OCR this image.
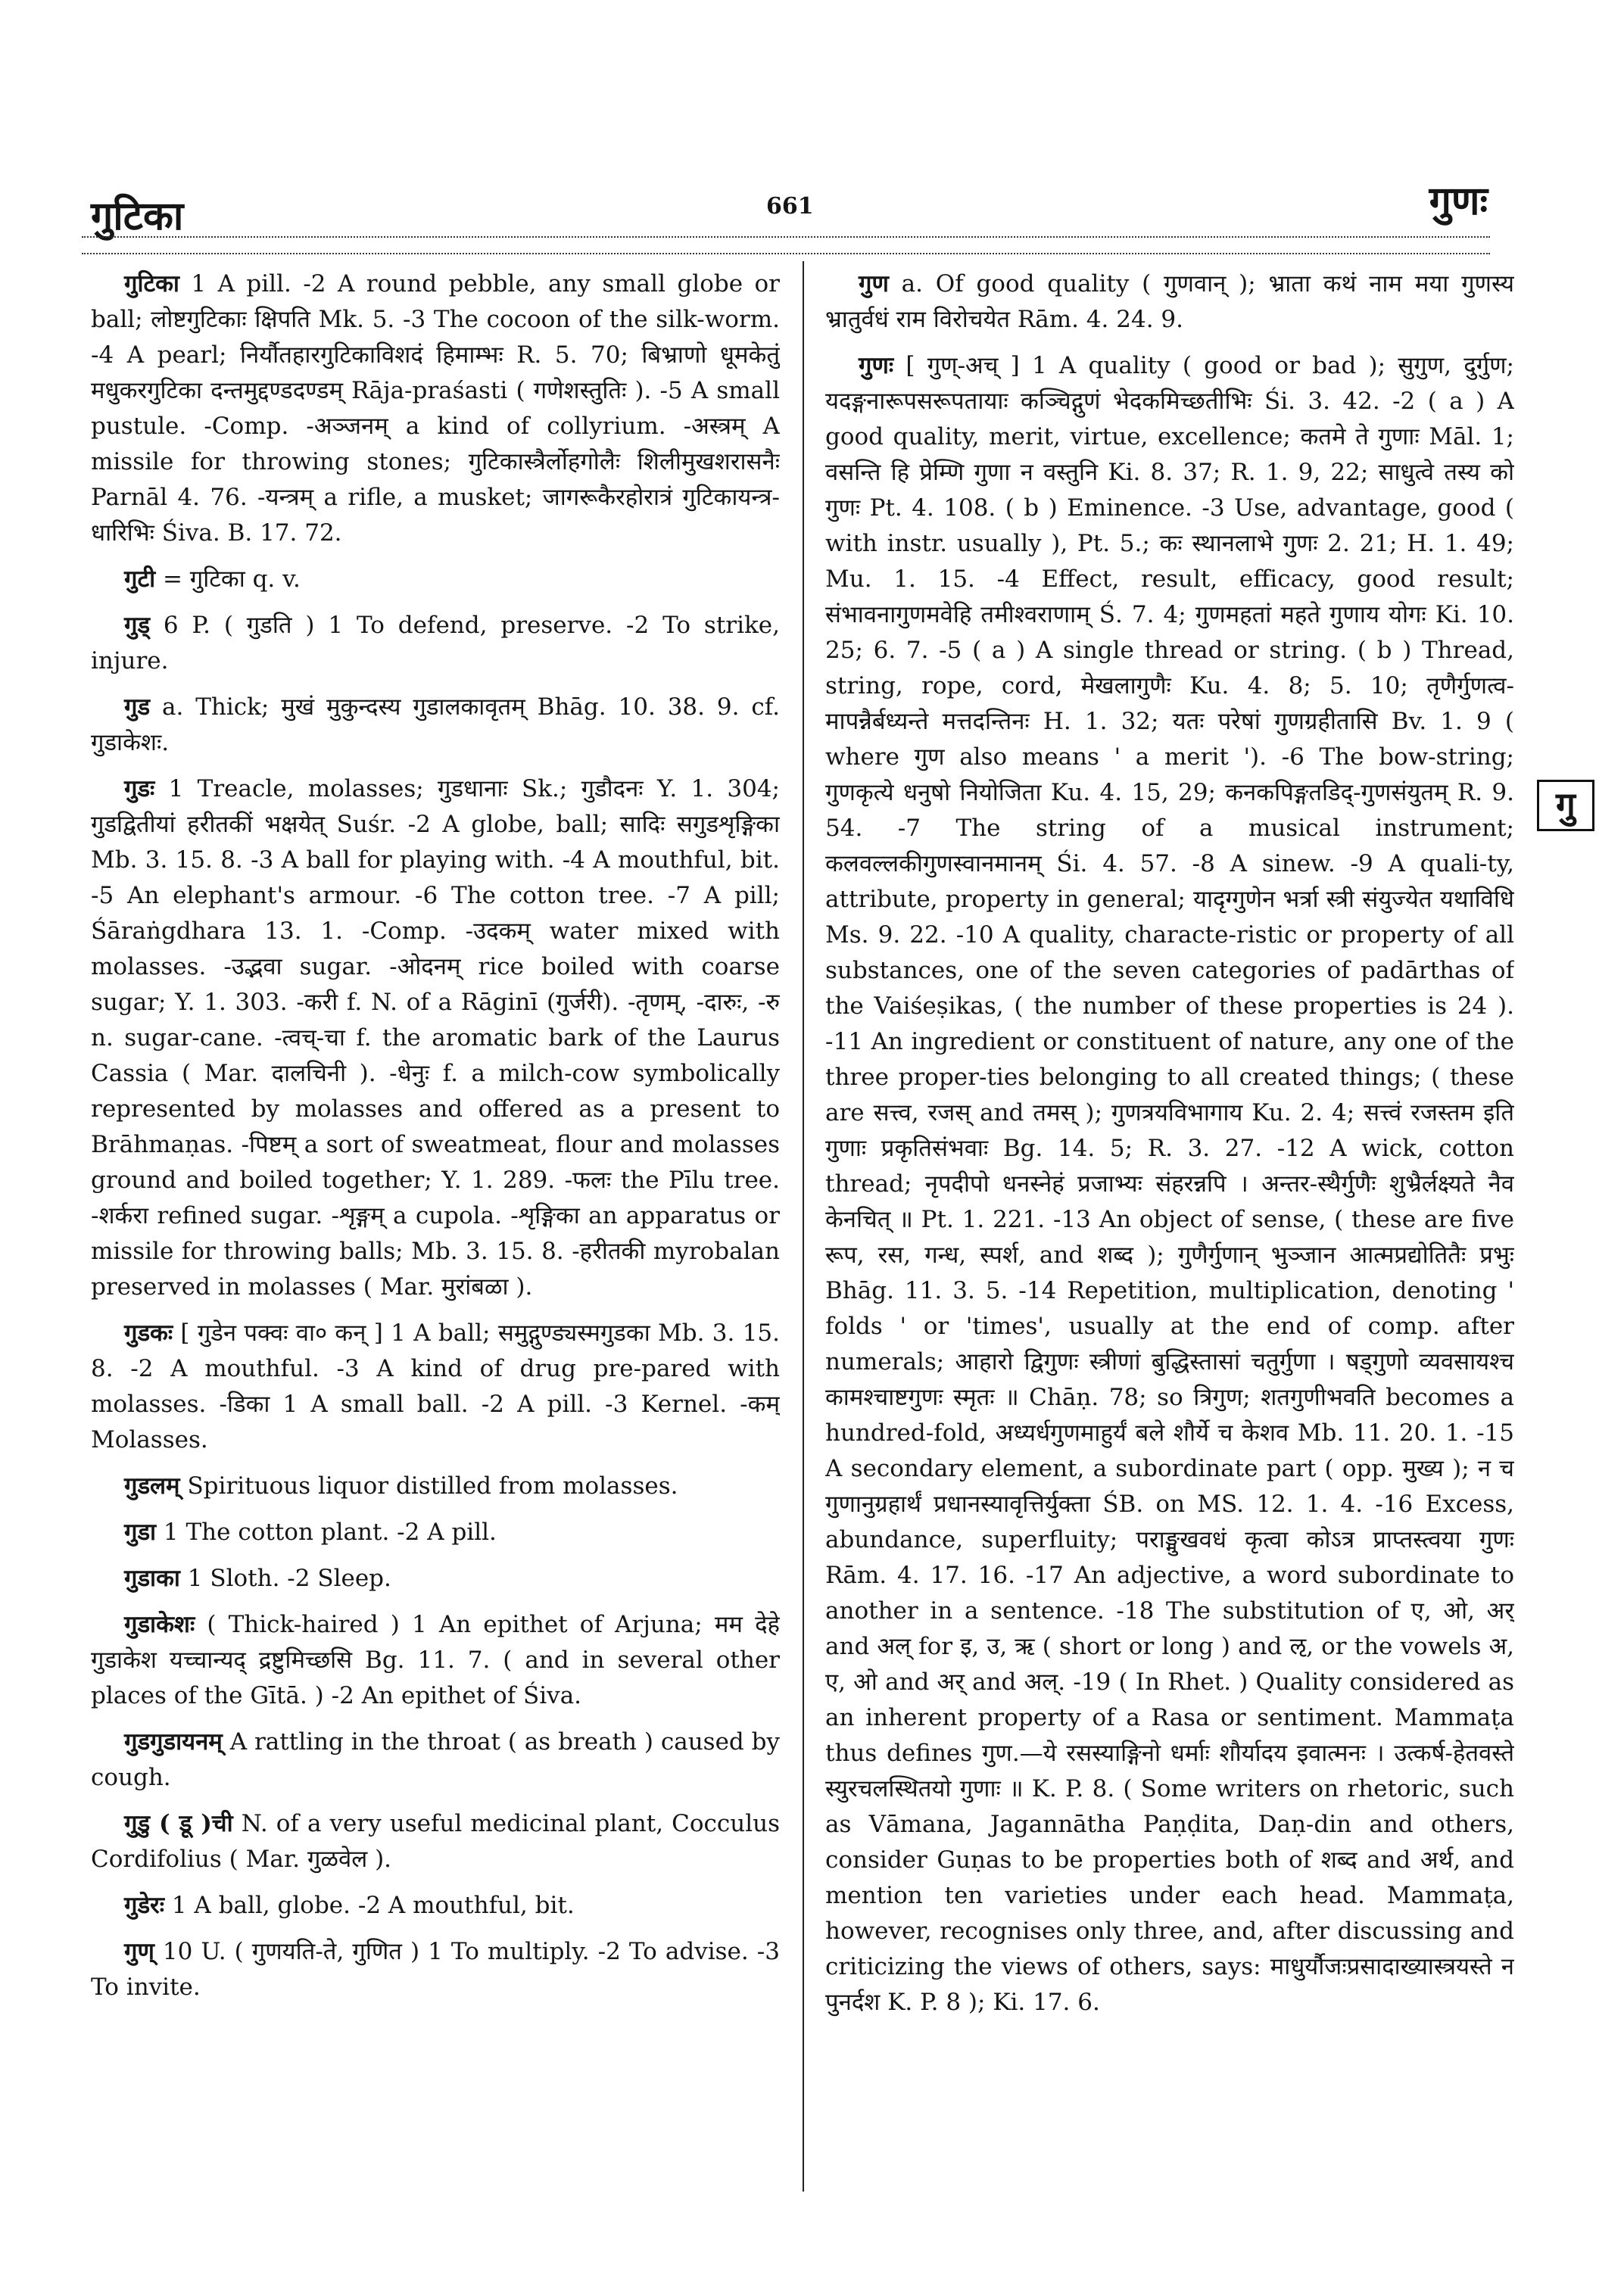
गुटिका	661	गुणः

गुटिका 1 A pill. -2 A round pebble, any small globe or ball; लोष्टगुटिकाः क्षिपति Mk. 5. -3 The cocoon of the silk-worm. -4 A pearl; निर्यौतहारगुटिकाविशदं हिमाम्भः R. 5. 70; बिभ्राणो धूमकेतुं मधुकरगुटिका दन्तमुद्दण्डदण्डम् Rāja-praśasti ( गणेशस्तुतिः ). -5 A small pustule. -Comp. -अञ्जनम् a kind of collyrium. -अस्त्रम् A missile for throwing stones; गुटिकास्त्रैर्लोहगोलैः शिलीमुखशरासनैः Parnāl 4. 76. -यन्त्रम् a rifle, a musket; जागरूकैरहोरात्रं गुटिकायन्त्र-धारिभिः Śiva. B. 17. 72.

गुटी = गुटिका q. v.

गुड् 6 P. ( गुडति ) 1 To defend, preserve. -2 To strike, injure.

गुड a. Thick; मुखं मुकुन्दस्य गुडालकावृतम् Bhāg. 10. 38. 9. cf. गुडाकेशः.

गुडः 1 Treacle, molasses; गुडधानाः Sk.; गुडौदनः Y. 1. 304; गुडद्वितीयां हरीतकीं भक्षयेत् Suśr. -2 A globe, ball; सादिः सगुडशृङ्गिका Mb. 3. 15. 8. -3 A ball for playing with. -4 A mouthful, bit. -5 An elephant's armour. -6 The cotton tree. -7 A pill; Śāraṅgdhara 13. 1. -Comp. -उदकम् water mixed with molasses. -उद्भवा sugar. -ओदनम् rice boiled with coarse sugar; Y. 1. 303. -करी f. N. of a Rāginī (गुर्जरी). -तृणम्, -दारुः, -रु n. sugar-cane. -त्वच्-चा f. the aromatic bark of the Laurus Cassia ( Mar. दालचिनी ). -धेनुः f. a milch-cow symbolically represented by molasses and offered as a present to Brāhmaṇas. -पिष्टम् a sort of sweatmeat, flour and molasses ground and boiled together; Y. 1. 289. -फलः the Pīlu tree. -शर्करा refined sugar. -शृङ्गम् a cupola. -शृङ्गिका an apparatus or missile for throwing balls; Mb. 3. 15. 8. -हरीतकी myrobalan preserved in molasses ( Mar. मुरांबळा ).

गुडकः [ गुडेन पक्वः वा० कन् ] 1 A ball; समुद्गुण्ड्यस्मगुडका Mb. 3. 15. 8. -2 A mouthful. -3 A kind of drug pre-pared with molasses. -डिका 1 A small ball. -2 A pill. -3 Kernel. -कम् Molasses.

गुडलम् Spirituous liquor distilled from molasses.

गुडा 1 The cotton plant. -2 A pill.

गुडाका 1 Sloth. -2 Sleep.

गुडाकेशः ( Thick-haired ) 1 An epithet of Arjuna; मम देहे गुडाकेश यच्चान्यद् द्रष्टुमिच्छसि Bg. 11. 7. ( and in several other places of the Gītā. ) -2 An epithet of Śiva.

गुडगुडायनम् A rattling in the throat ( as breath ) caused by cough.

गुडु ( डू )ची N. of a very useful medicinal plant, Cocculus Cordifolius ( Mar. गुळवेल ).

गुडेरः 1 A ball, globe. -2 A mouthful, bit.

गुण् 10 U. ( गुणयति-ते, गुणित ) 1 To multiply. -2 To advise. -3 To invite.

गुण a. Of good quality ( गुणवान् ); भ्राता कथं नाम मया गुणस्य भ्रातुर्वधं राम विरोचयेत Rām. 4. 24. 9.

गुणः [ गुण्-अच् ] 1 A quality ( good or bad ); सुगुण, दुर्गुण; यदङ्गनारूपसरूपतायाः कञ्चिद्गुणं भेदकमिच्छतीभिः Śi. 3. 42. -2 ( a ) A good quality, merit, virtue, excellence; कतमे ते गुणाः Māl. 1; वसन्ति हि प्रेम्णि गुणा न वस्तुनि Ki. 8. 37; R. 1. 9, 22; साधुत्वे तस्य को गुणः Pt. 4. 108. ( b ) Eminence. -3 Use, advantage, good ( with instr. usually ), Pt. 5.; कः स्थानलाभे गुणः 2. 21; H. 1. 49; Mu. 1. 15. -4 Effect, result, efficacy, good result; संभावनागुणमवेहि तमीश्वराणाम् Ś. 7. 4; गुणमहतां महते गुणाय योगः Ki. 10. 25; 6. 7. -5 ( a ) A single thread or string. ( b ) Thread, string, rope, cord, मेखलागुणैः Ku. 4. 8; 5. 10; तृणैर्गुणत्व-मापन्नैर्बध्यन्ते मत्तदन्तिनः H. 1. 32; यतः परेषां गुणग्रहीतासि Bv. 1. 9 ( where गुण also means ' a merit '). -6 The bow-string; गुणकृत्ये धनुषो नियोजिता Ku. 4. 15, 29; कनकपिङ्गतडिद्-गुणसंयुतम् R. 9. 54. -7 The string of a musical instrument; कलवल्लकीगुणस्वानमानम् Śi. 4. 57. -8 A sinew. -9 A quali-ty, attribute, property in general; यादृग्गुणेन भर्त्रा स्त्री संयुज्येत यथाविधि Ms. 9. 22. -10 A quality, characte-ristic or property of all substances, one of the seven categories of padārthas of the Vaiśeṣikas, ( the number of these properties is 24 ). -11 An ingredient or constituent of nature, any one of the three proper-ties belonging to all created things; ( these are सत्त्व, रजस् and तमस् ); गुणत्रयविभागाय Ku. 2. 4; सत्त्वं रजस्तम इति गुणाः प्रकृतिसंभवाः Bg. 14. 5; R. 3. 27. -12 A wick, cotton thread; नृपदीपो धनस्नेहं प्रजाभ्यः संहरन्नपि । अन्तर-स्थैर्गुणैः शुभ्रैर्लक्ष्यते नैव केनचित् ॥ Pt. 1. 221. -13 An object of sense, ( these are five रूप, रस, गन्ध, स्पर्श, and शब्द ); गुणैर्गुणान् भुञ्जान आत्मप्रद्योतितैः प्रभुः Bhāg. 11. 3. 5. -14 Repetition, multiplication, denoting ' folds ' or 'times', usually at the end of comp. after numerals; आहारो द्विगुणः स्त्रीणां बुद्धिस्तासां चतुर्गुणा । षड्गुणो व्यवसायश्च कामश्चाष्टगुणः स्मृतः ॥ Chāṇ. 78; so त्रिगुण; शतगुणीभवति becomes a hundred-fold, अध्यर्धगुणमाहुर्यं बले शौर्ये च केशव Mb. 11. 20. 1. -15 A secondary element, a subordinate part ( opp. मुख्य ); न च गुणानुग्रहार्थं प्रधानस्यावृत्तिर्युक्ता ŚB. on MS. 12. 1. 4. -16 Excess, abundance, superfluity; पराङ्मुखवधं कृत्वा कोऽत्र प्राप्तस्त्वया गुणः Rām. 4. 17. 16. -17 An adjective, a word subordinate to another in a sentence. -18 The substitution of ए, ओ, अर् and अल् for इ, उ, ऋ ( short or long ) and ऌ, or the vowels अ, ए, ओ and अर् and अल्. -19 ( In Rhet. ) Quality considered as an inherent property of a Rasa or sentiment. Mammaṭa thus defines गुण.—ये रसस्याङ्गिनो धर्माः शौर्यादय इवात्मनः । उत्कर्ष-हेतवस्ते स्युरचलस्थितयो गुणाः ॥ K. P. 8. ( Some writers on rhetoric, such as Vāmana, Jagannātha Paṇḍita, Daṇ-din and others, consider Guṇas to be properties both of शब्द and अर्थ, and mention ten varieties under each head. Mammaṭa, however, recognises only three, and, after discussing and criticizing the views of others, says: माधुर्यौजःप्रसादाख्यास्त्रयस्ते न पुनर्दश K. P. 8 ); Ki. 17. 6.

गु
